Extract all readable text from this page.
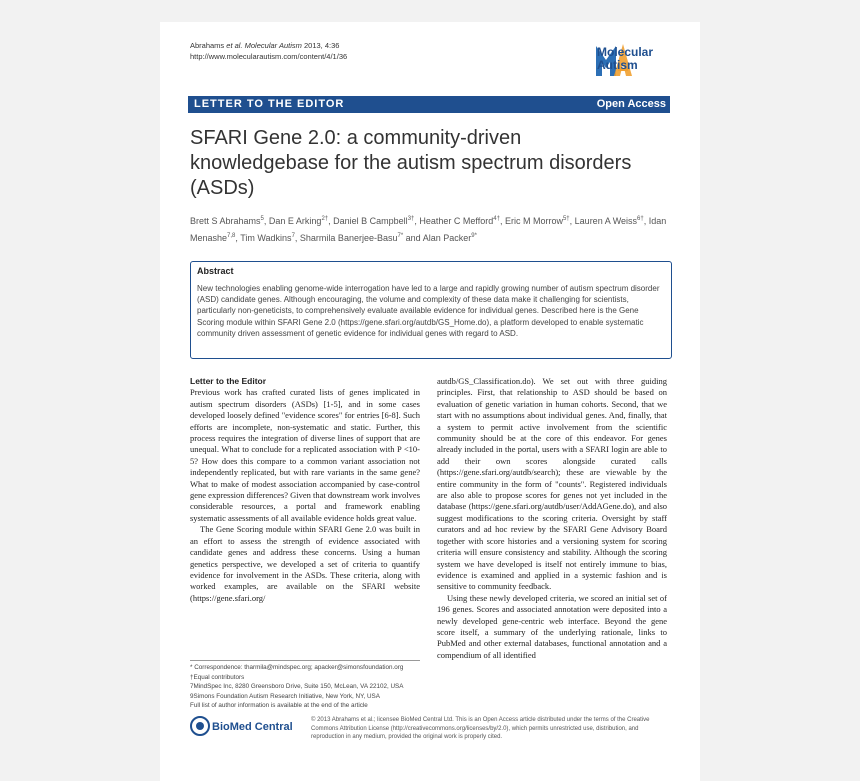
Abrahams et al. Molecular Autism 2013, 4:36
http://www.molecularautism.com/content/4/1/36	Molecular
Autism
LETTER TO THE EDITOR	Open Access
SFARI Gene 2.0: a community-driven knowledgebase for the autism spectrum disorders (ASDs)
Brett S Abrahams$^5$, Dan E Arking$^{2\dagger}$, Daniel B Campbell$^{3\dagger}$, Heather C Mefford$^{4\dagger}$, Eric M Morrow$^{5\dagger}$, Lauren A Weiss$^{6\dagger}$, Idan Menashe$^{7,8}$, Tim Wadkins$^7$, Sharmila Banerjee-Basu$^{7*}$ and Alan Packer$^{9*}$
Abstract
New technologies enabling genome-wide interrogation have led to a large and rapidly growing number of autism spectrum disorder (ASD) candidate genes. Although encouraging, the volume and complexity of these data make it challenging for scientists, particularly non-geneticists, to comprehensively evaluate available evidence for individual genes. Described here is the Gene Scoring module within SFARI Gene 2.0 (https://gene.sfari.org/autdb/GS_Home.do), a platform developed to enable systematic community driven assessment of genetic evidence for individual genes with regard to ASD.
Letter to the Editor

Previous work has crafted curated lists of genes implicated in autism spectrum disorders (ASDs) [1-5], and in some cases developed loosely defined "evidence scores" for entries [6-8]. Such efforts are incomplete, non-systematic and static. Further, this process requires the integration of diverse lines of support that are unequal. What to conclude for a replicated association with P <10-5? How does this compare to a common variant association not independently replicated, but with rare variants in the same gene? What to make of modest association accompanied by case-control gene expression differences? Given that downstream work involves considerable resources, a portal and framework enabling systematic assessments of all available evidence holds great value.

The Gene Scoring module within SFARI Gene 2.0 was built in an effort to assess the strength of evidence associated with candidate genes and address these concerns. Using a human genetics perspective, we developed a set of criteria to quantify evidence for involvement in the ASDs. These criteria, along with worked examples, are available on the SFARI website (https://gene.sfari.org/

autdb/GS_Classification.do). We set out with three guiding principles. First, that relationship to ASD should be based on evaluation of genetic variation in human cohorts. Second, that we start with no assumptions about individual genes. And, finally, that a system to permit active involvement from the scientific community should be at the core of this endeavor. For genes already included in the portal, users with a SFARI login are able to add their own scores alongside curated calls (https://gene.sfari.org/autdb/search); these are viewable by the entire community in the form of "counts". Registered individuals are also able to propose scores for genes not yet included in the database (https://gene.sfari.org/autdb/user/AddAGene.do), and also suggest modifications to the scoring criteria. Oversight by staff curators and ad hoc review by the SFARI Gene Advisory Board together with score histories and a versioning system for scoring criteria will ensure consistency and stability. Although the scoring system we have developed is itself not entirely immune to bias, evidence is examined and applied in a systemic fashion and is sensitive to community feedback.

Using these newly developed criteria, we scored an initial set of 196 genes. Scores and associated annotation were deposited into a newly developed gene-centric web interface. Beyond the gene score itself, a summary of the underlying rationale, links to PubMed and other external databases, functional annotation and a compendium of all identified

* Correspondence: tharmila@mindspec.org; apacker@simonsfoundation.org
†Equal contributors
7MindSpec Inc, 8280 Greensboro Drive, Suite 150, McLean, VA 22102, USA
9Simons Foundation Autism Research Initiative, New York, NY, USA
Full list of author information is available at the end of the article
BioMed Central
© 2013 Abrahams et al.; licensee BioMed Central Ltd. This is an Open Access article distributed under the terms of the Creative Commons Attribution License (http://creativecommons.org/licenses/by/2.0), which permits unrestricted use, distribution, and reproduction in any medium, provided the original work is properly cited.
